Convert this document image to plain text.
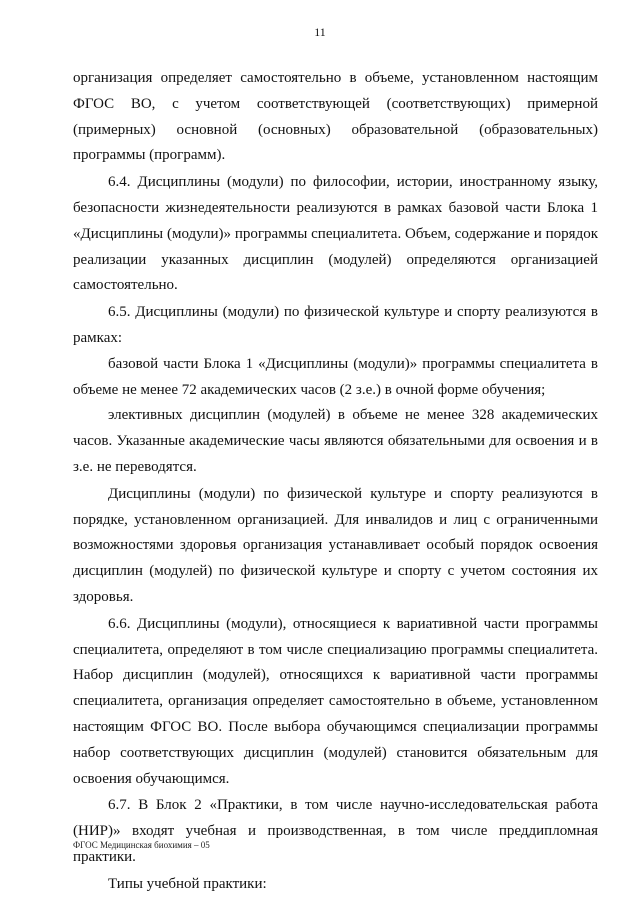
11

организация определяет самостоятельно в объеме, установленном настоящим ФГОС ВО, с учетом соответствующей (соответствующих) примерной (примерных) основной (основных) образовательной (образовательных) программы (программ).

6.4. Дисциплины (модули) по философии, истории, иностранному языку, безопасности жизнедеятельности реализуются в рамках базовой части Блока 1 «Дисциплины (модули)» программы специалитета. Объем, содержание и порядок реализации указанных дисциплин (модулей) определяются организацией самостоятельно.

6.5. Дисциплины (модули) по физической культуре и спорту реализуются в рамках:

базовой части Блока 1 «Дисциплины (модули)» программы специалитета в объеме не менее 72 академических часов (2 з.е.) в очной форме обучения;

элективных дисциплин (модулей) в объеме не менее 328 академических часов. Указанные академические часы являются обязательными для освоения и в з.е. не переводятся.

Дисциплины (модули) по физической культуре и спорту реализуются в порядке, установленном организацией. Для инвалидов и лиц с ограниченными возможностями здоровья организация устанавливает особый порядок освоения дисциплин (модулей) по физической культуре и спорту с учетом состояния их здоровья.

6.6. Дисциплины (модули), относящиеся к вариативной части программы специалитета, определяют в том числе специализацию программы специалитета. Набор дисциплин (модулей), относящихся к вариативной части программы специалитета, организация определяет самостоятельно в объеме, установленном настоящим ФГОС ВО. После выбора обучающимся специализации программы набор соответствующих дисциплин (модулей) становится обязательным для освоения обучающимся.

6.7. В Блок 2 «Практики, в том числе научно-исследовательская работа (НИР)» входят учебная и производственная, в том числе преддипломная практики.

Типы учебной практики:

ФГОС Медицинская биохимия – 05
